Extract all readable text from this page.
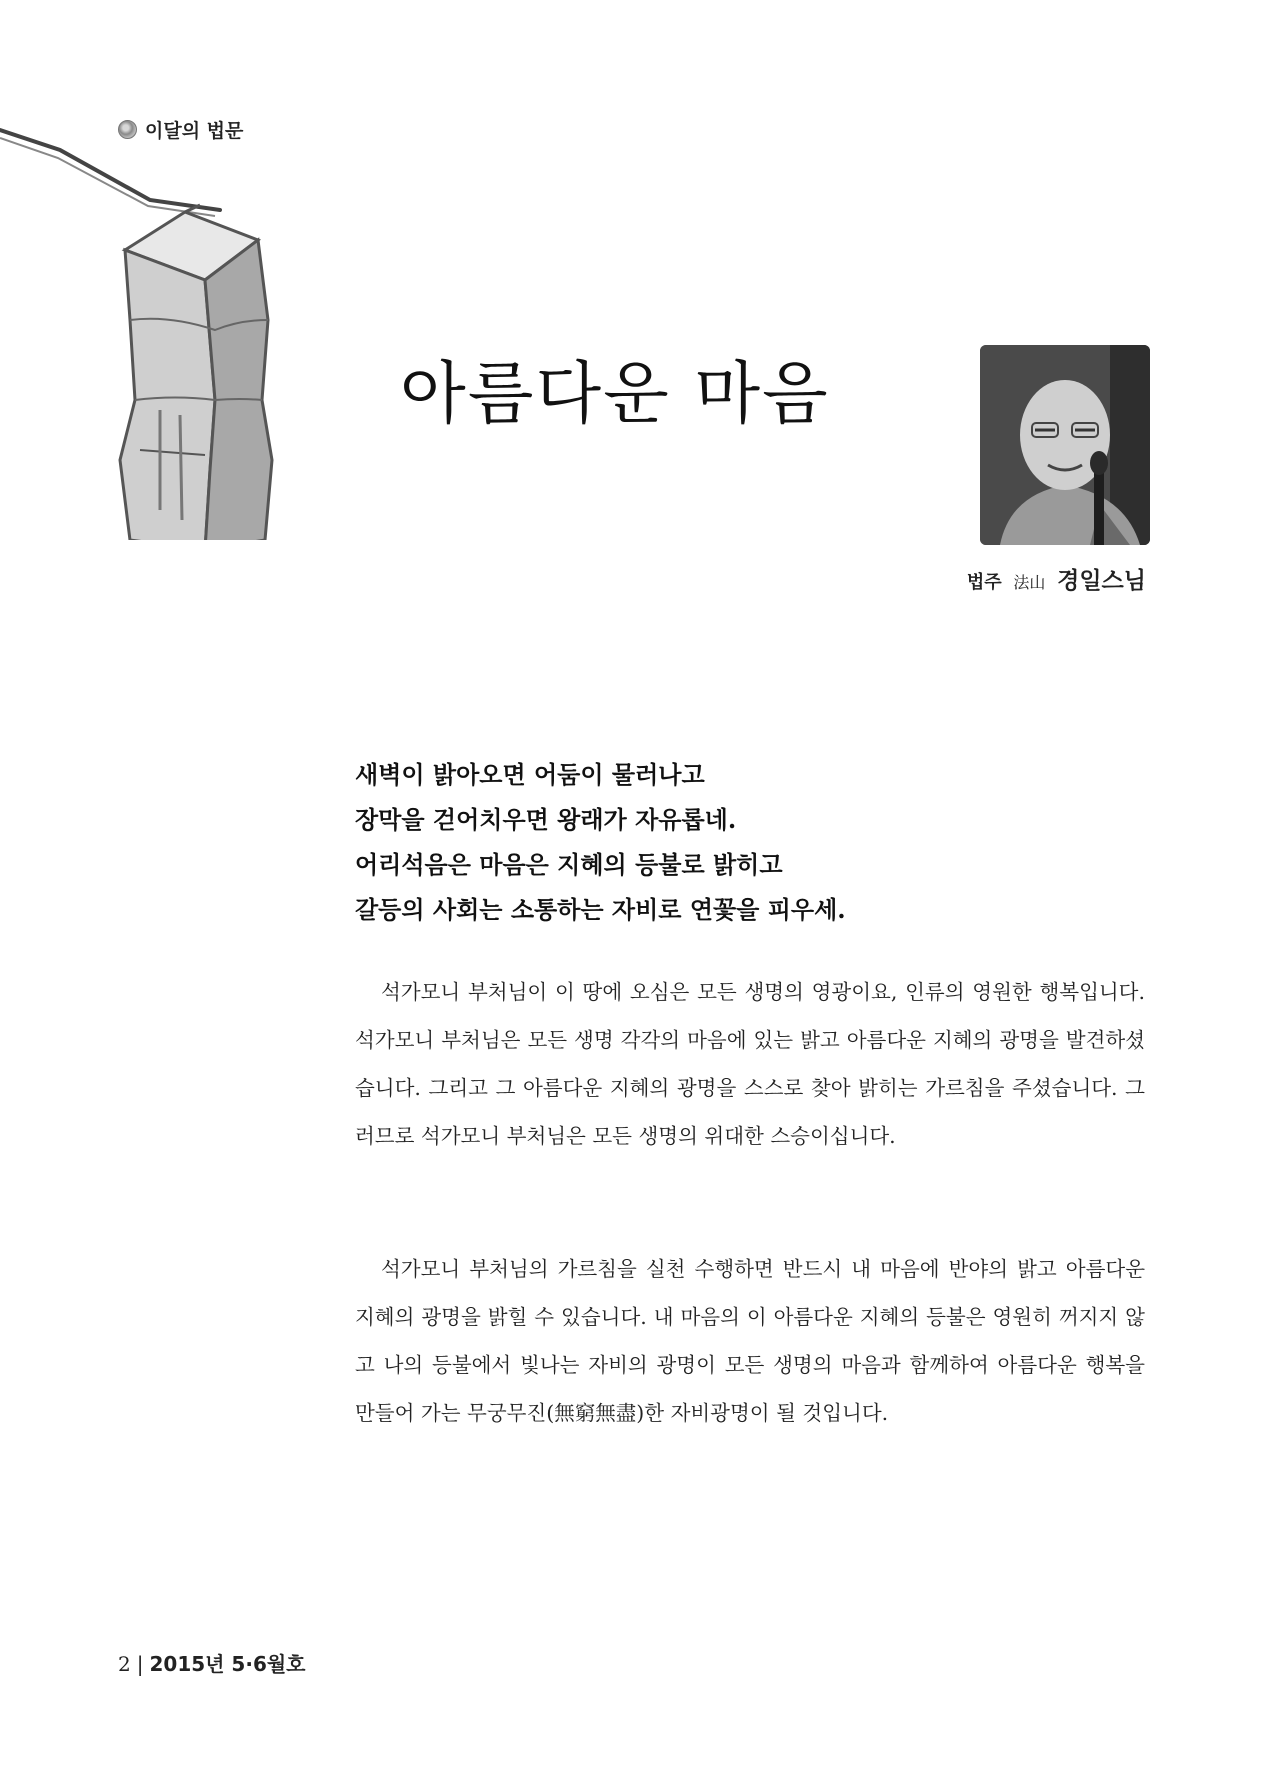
이달의 법문
아름다운 마음
법주 法山 경일스님
새벽이 밝아오면 어둠이 물러나고
장막을 걷어치우면 왕래가 자유롭네.
어리석음은 마음은 지혜의 등불로 밝히고
갈등의 사회는 소통하는 자비로 연꽃을 피우세.

석가모니 부처님이 이 땅에 오심은 모든 생명의 영광이요, 인류의 영원한 행복입니다. 석가모니 부처님은 모든 생명 각각의 마음에 있는 밝고 아름다운 지혜의 광명을 발견하셨습니다. 그리고 그 아름다운 지혜의 광명을 스스로 찾아 밝히는 가르침을 주셨습니다. 그러므로 석가모니 부처님은 모든 생명의 위대한 스승이십니다.

석가모니 부처님의 가르침을 실천 수행하면 반드시 내 마음에 반야의 밝고 아름다운 지혜의 광명을 밝힐 수 있습니다. 내 마음의 이 아름다운 지혜의 등불은 영원히 꺼지지 않고 나의 등불에서 빛나는 자비의 광명이 모든 생명의 마음과 함께하여 아름다운 행복을 만들어 가는 무궁무진(無窮無盡)한 자비광명이 될 것입니다.

2 | 2015년 5·6월호
